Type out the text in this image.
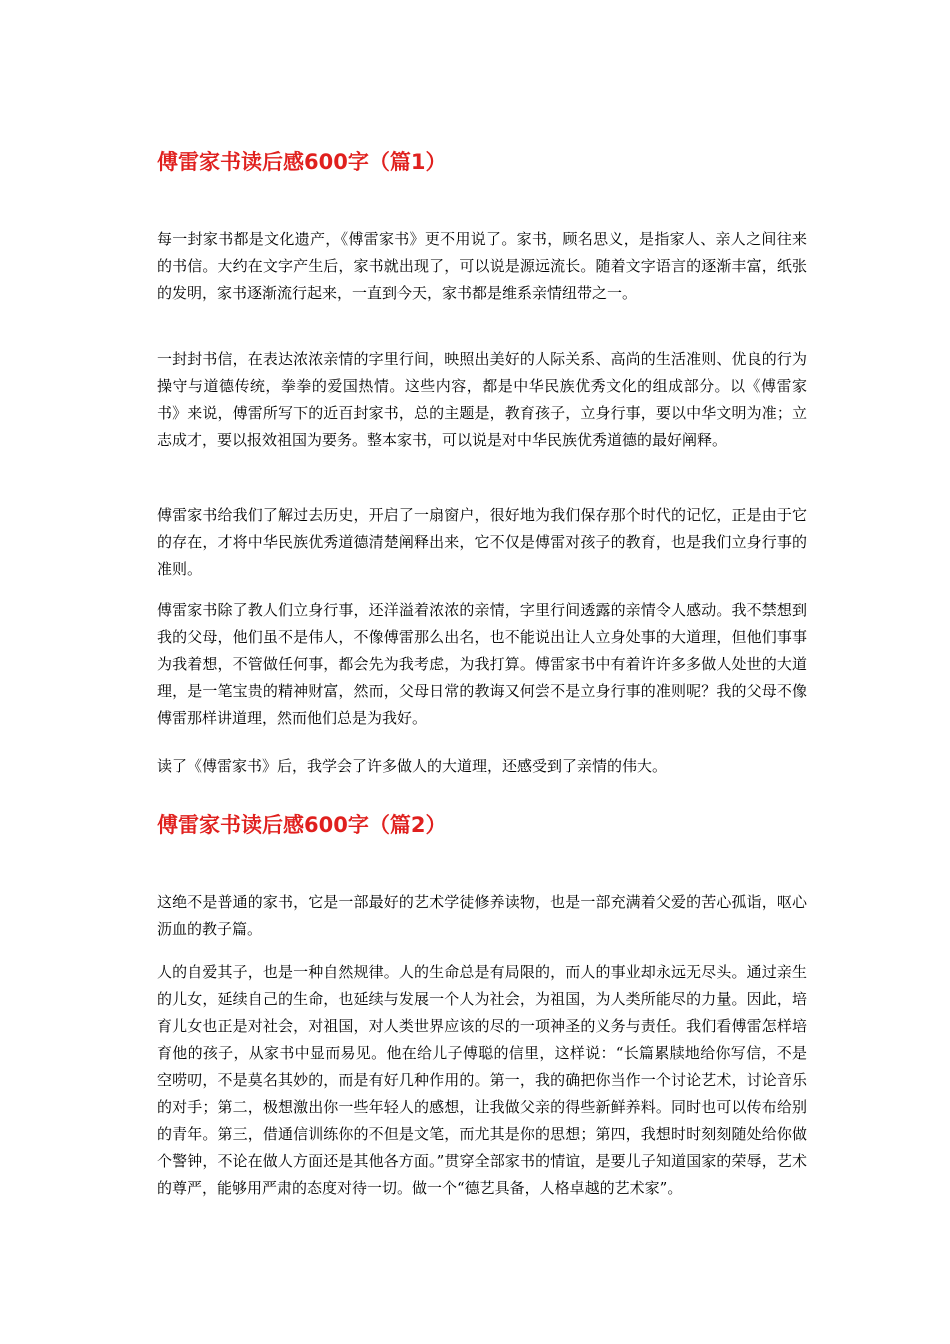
傅雷家书读后感600字（篇1）

每一封家书都是文化遗产，《傅雷家书》更不用说了。家书，顾名思义，是指家人、亲人之间往来的书信。大约在文字产生后，家书就出现了，可以说是源远流长。随着文字语言的逐渐丰富，纸张的发明，家书逐渐流行起来，一直到今天，家书都是维系亲情纽带之一。

一封封书信，在表达浓浓亲情的字里行间，映照出美好的人际关系、高尚的生活准则、优良的行为操守与道德传统，拳拳的爱国热情。这些内容，都是中华民族优秀文化的组成部分。以《傅雷家书》来说，傅雷所写下的近百封家书，总的主题是，教育孩子，立身行事，要以中华文明为准；立志成才，要以报效祖国为要务。整本家书，可以说是对中华民族优秀道德的最好阐释。

傅雷家书给我们了解过去历史，开启了一扇窗户，很好地为我们保存那个时代的记忆，正是由于它的存在，才将中华民族优秀道德清楚阐释出来，它不仅是傅雷对孩子的教育，也是我们立身行事的准则。

傅雷家书除了教人们立身行事，还洋溢着浓浓的亲情，字里行间透露的亲情令人感动。我不禁想到我的父母，他们虽不是伟人，不像傅雷那么出名，也不能说出让人立身处事的大道理，但他们事事为我着想，不管做任何事，都会先为我考虑，为我打算。傅雷家书中有着许许多多做人处世的大道理，是一笔宝贵的精神财富，然而，父母日常的教诲又何尝不是立身行事的准则呢？我的父母不像傅雷那样讲道理，然而他们总是为我好。

读了《傅雷家书》后，我学会了许多做人的大道理，还感受到了亲情的伟大。

傅雷家书读后感600字（篇2）

这绝不是普通的家书，它是一部最好的艺术学徒修养读物，也是一部充满着父爱的苦心孤诣，呕心沥血的教子篇。

人的自爱其子，也是一种自然规律。人的生命总是有局限的，而人的事业却永远无尽头。通过亲生的儿女，延续自己的生命，也延续与发展一个人为社会，为祖国，为人类所能尽的力量。因此，培育儿女也正是对社会，对祖国，对人类世界应该的尽的一项神圣的义务与责任。我们看傅雷怎样培育他的孩子，从家书中显而易见。他在给儿子傅聪的信里，这样说：“长篇累牍地给你写信，不是空唠叨，不是莫名其妙的，而是有好几种作用的。第一，我的确把你当作一个讨论艺术，讨论音乐的对手；第二，极想激出你一些年轻人的感想，让我做父亲的得些新鲜养料。同时也可以传布给别的青年。第三，借通信训练你的不但是文笔，而尤其是你的思想；第四，我想时时刻刻随处给你做个警钟，不论在做人方面还是其他各方面。”贯穿全部家书的情谊，是要儿子知道国家的荣辱，艺术的尊严，能够用严肃的态度对待一切。做一个“德艺具备，人格卓越的艺术家”。
